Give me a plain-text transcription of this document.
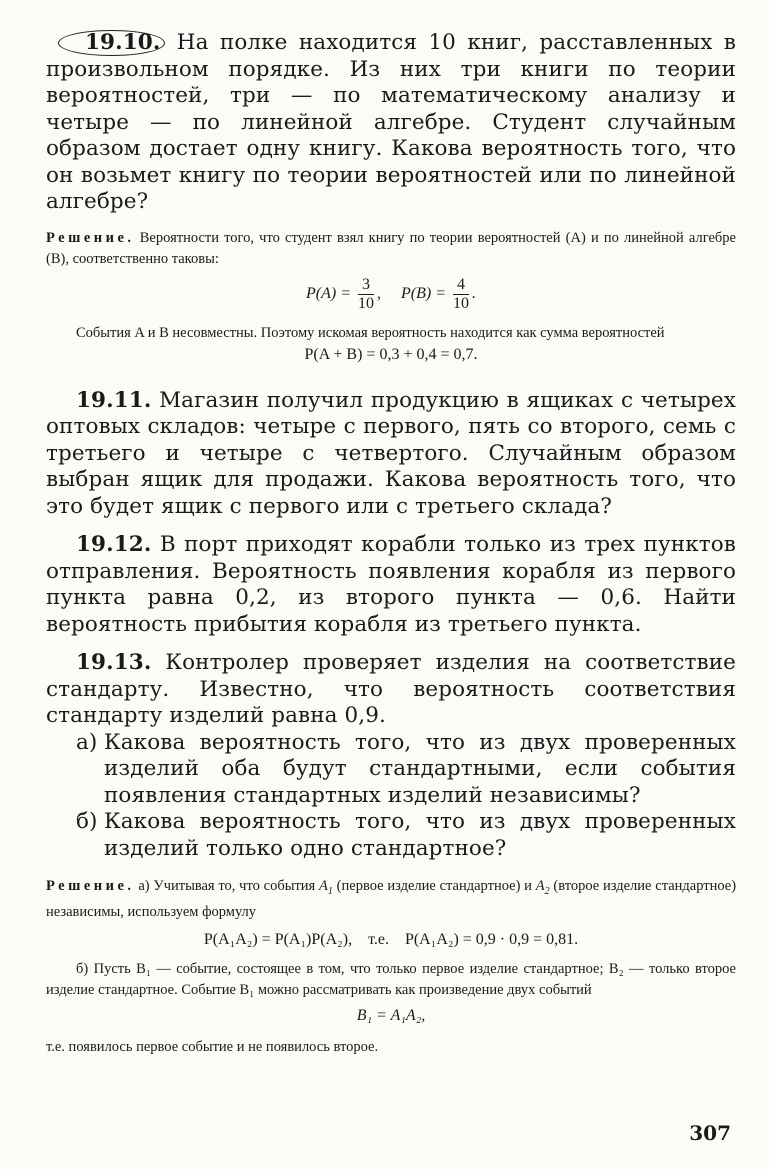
19.10. На полке находится 10 книг, расставленных в произвольном порядке. Из них три книги по теории вероятностей, три — по математическому анализу и четыре — по линейной алгебре. Студент случайным образом достает одну книгу. Какова вероятность того, что он возьмет книгу по теории вероятностей или по линейной алгебре?

Решение. Вероятности того, что студент взял книгу по теории вероятностей (A) и по линейной алгебре (B), соответственно таковы:

$P(A) = \frac{3}{10}$ ,     $P(B) = \frac{4}{10}$ .

События A и B несовместны. Поэтому искомая вероятность находится как сумма вероятностей

P(A + B) = 0,3 + 0,4 = 0,7.

19.11. Магазин получил продукцию в ящиках с четырех оптовых складов: четыре с первого, пять со второго, семь с третьего и четыре с четвертого. Случайным образом выбран ящик для продажи. Какова вероятность того, что это будет ящик с первого или с третьего склада?

19.12. В порт приходят корабли только из трех пунктов отправления. Вероятность появления корабля из первого пункта равна 0,2, из второго пункта — 0,6. Найти вероятность прибытия корабля из третьего пункта.

19.13. Контролер проверяет изделия на соответствие стандарту. Известно, что вероятность соответствия стандарту изделий равна 0,9.

а) Какова вероятность того, что из двух проверенных изделий оба будут стандартными, если события появления стандартных изделий независимы?

б) Какова вероятность того, что из двух проверенных изделий только одно стандартное?

Решение. а) Учитывая то, что события $A_1$ (первое изделие стандартное) и $A_2$ (второе изделие стандартное) независимы, используем формулу

P(A₁A₂) = P(A₁)P(A₂), т.е. P(A₁A₂) = 0,9 · 0,9 = 0,81.

б) Пусть B₁ — событие, состоящее в том, что только первое изделие стандартное; B₂ — только второе изделие стандартное. Событие B₁ можно рассматривать как произведение двух событий

B₁ = A₁A₂,

т.е. появилось первое событие и не появилось второе.

307
